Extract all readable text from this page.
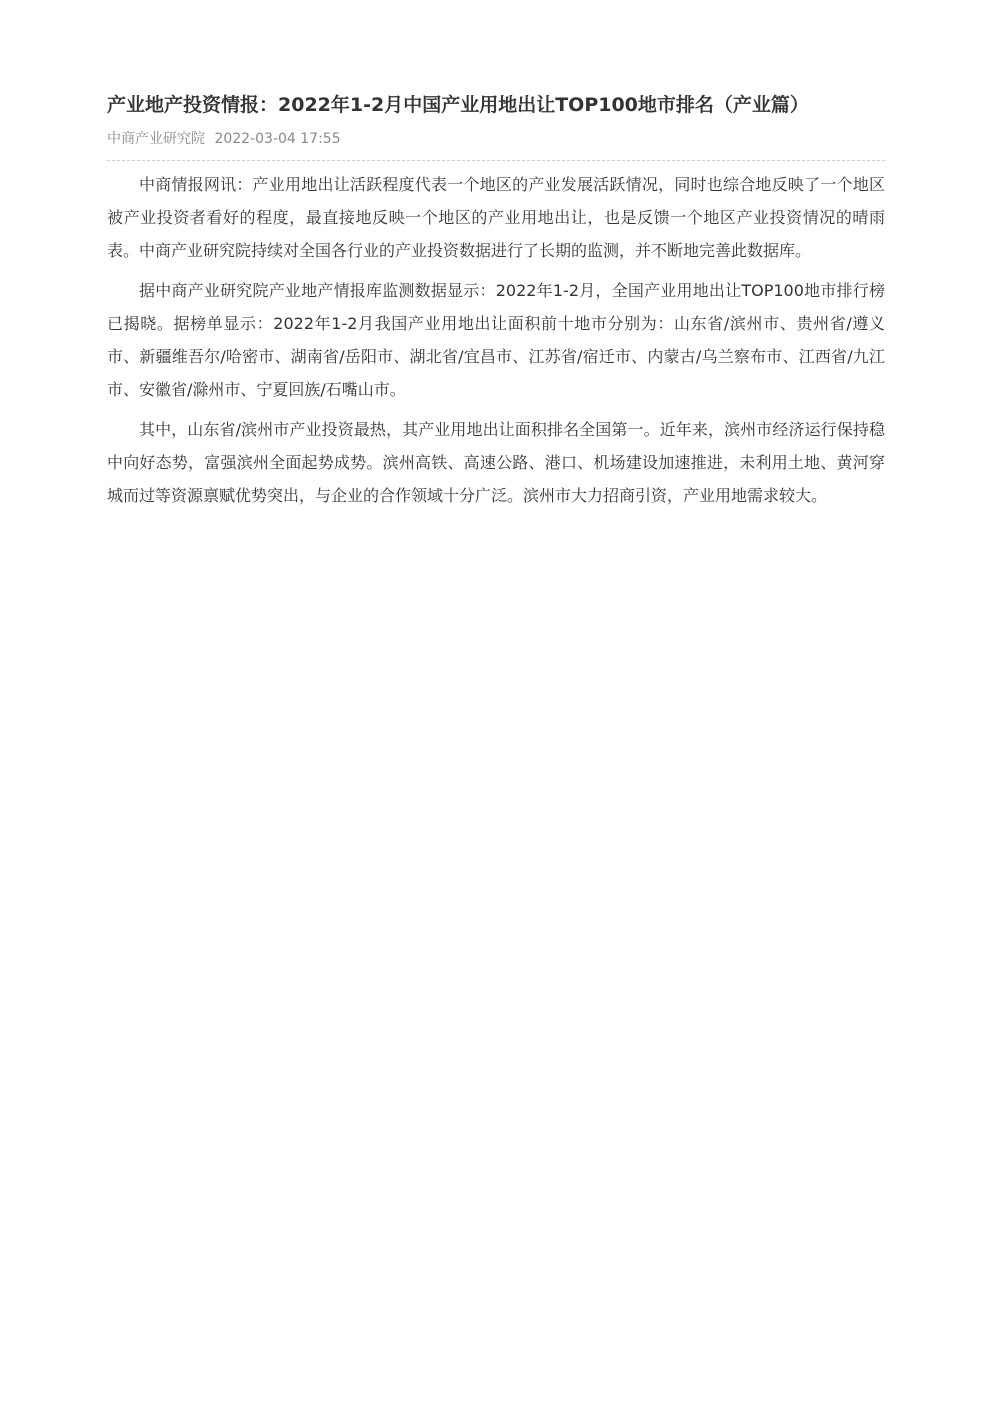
产业地产投资情报：2022年1-2月中国产业用地出让TOP100地市排名（产业篇）
中商产业研究院 2022-03-04 17:55

中商情报网讯：产业用地出让活跃程度代表一个地区的产业发展活跃情况，同时也综合地反映了一个地区被产业投资者看好的程度，最直接地反映一个地区的产业用地出让，也是反馈一个地区产业投资情况的晴雨表。中商产业研究院持续对全国各行业的产业投资数据进行了长期的监测，并不断地完善此数据库。

据中商产业研究院产业地产情报库监测数据显示：2022年1-2月，全国产业用地出让TOP100地市排行榜已揭晓。据榜单显示：2022年1-2月我国产业用地出让面积前十地市分别为：山东省/滨州市、贵州省/遵义市、新疆维吾尔/哈密市、湖南省/岳阳市、湖北省/宜昌市、江苏省/宿迁市、内蒙古/乌兰察布市、江西省/九江市、安徽省/滁州市、宁夏回族/石嘴山市。

其中，山东省/滨州市产业投资最热，其产业用地出让面积排名全国第一。近年来，滨州市经济运行保持稳中向好态势，富强滨州全面起势成势。滨州高铁、高速公路、港口、机场建设加速推进，未利用土地、黄河穿城而过等资源禀赋优势突出，与企业的合作领域十分广泛。滨州市大力招商引资，产业用地需求较大。
